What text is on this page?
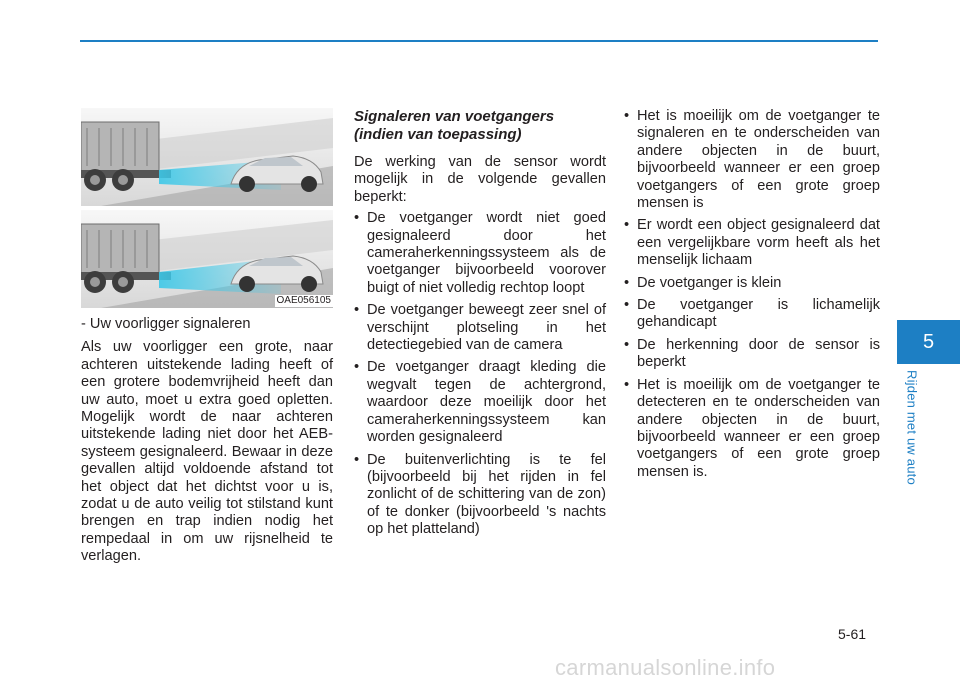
OAE056105

- Uw voorligger signaleren

Als uw voorligger een grote, naar achteren uitstekende lading heeft of een grotere bodemvrijheid heeft dan uw auto, moet u extra goed opletten. Mogelijk wordt de naar achteren uitstekende lading niet door het AEB-systeem gesignaleerd. Bewaar in deze gevallen altijd voldoende afstand tot het object dat het dichtst voor u is, zodat u de auto veilig tot stilstand kunt brengen en trap indien nodig het rempedaal in om uw rijsnelheid te verlagen.

Signaleren van voetgangers (indien van toepassing)

De werking van de sensor wordt mogelijk in de volgende gevallen beperkt:

• De voetganger wordt niet goed gesignaleerd door het cameraherkenningssysteem als de voetganger bijvoorbeeld voorover buigt of niet volledig rechtop loopt
• De voetganger beweegt zeer snel of verschijnt plotseling in het detectiegebied van de camera
• De voetganger draagt kleding die wegvalt tegen de achtergrond, waardoor deze moeilijk door het cameraherkenningssysteem kan worden gesignaleerd
• De buitenverlichting is te fel (bijvoorbeeld bij het rijden in fel zonlicht of de schittering van de zon) of te donker (bijvoorbeeld 's nachts op het platteland)
• Het is moeilijk om de voetganger te signaleren en te onderscheiden van andere objecten in de buurt, bijvoorbeeld wanneer er een groep voetgangers of een grote groep mensen is
• Er wordt een object gesignaleerd dat een vergelijkbare vorm heeft als het menselijk lichaam
• De voetganger is klein
• De voetganger is lichamelijk gehandicapt
• De herkenning door de sensor is beperkt
• Het is moeilijk om de voetganger te detecteren en te onderscheiden van andere objecten in de buurt, bijvoorbeeld wanneer er een groep voetgangers of een grote groep mensen is.
5
Rijden met uw auto
5-61
carmanualsonline.info
